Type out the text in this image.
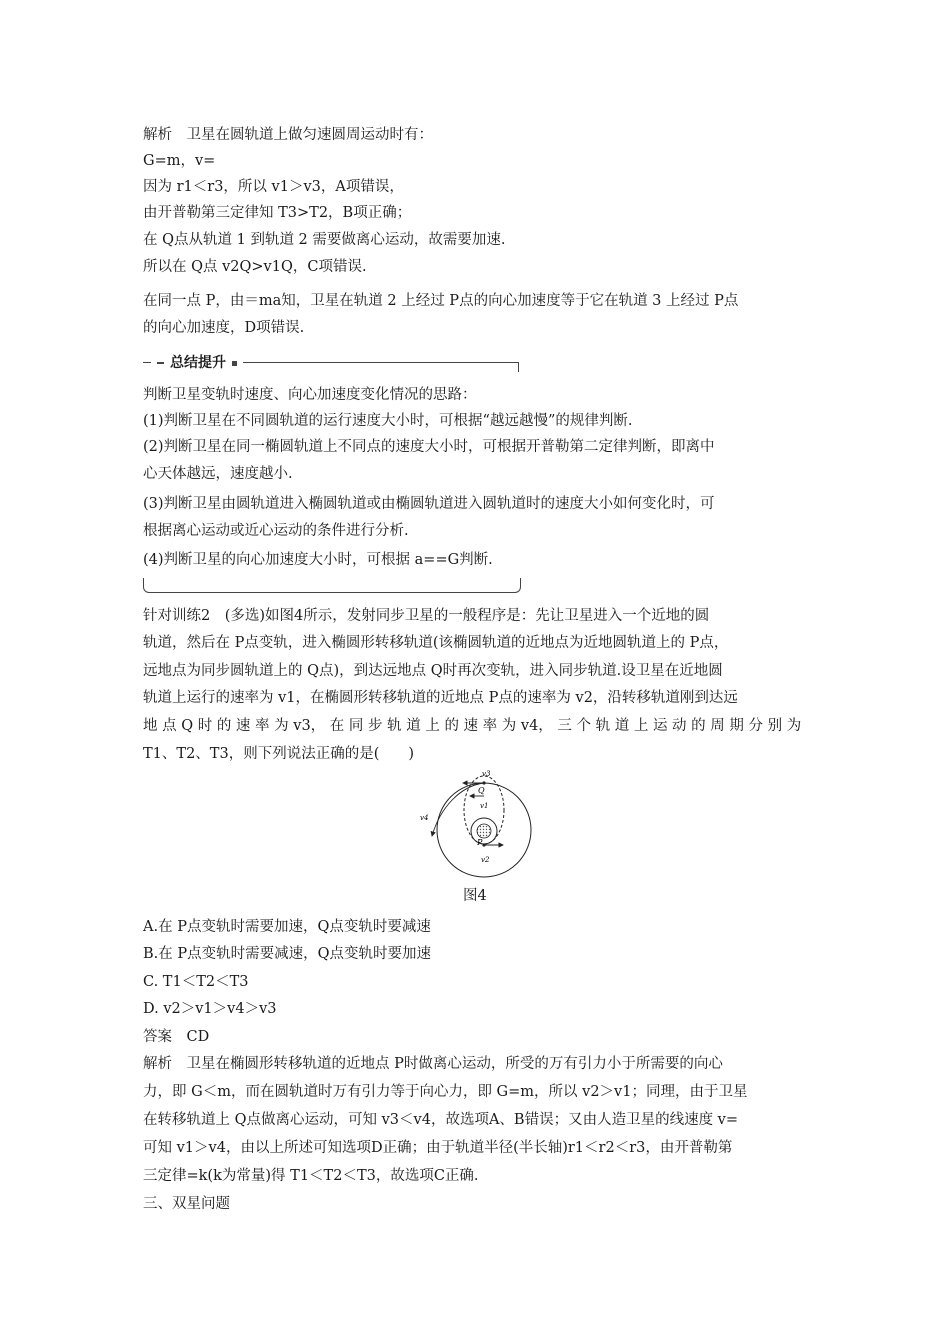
解析　卫星在圆轨道上做匀速圆周运动时有：
G=m，v=
因为 r1＜r3，所以 v1＞v3，A项错误，
由开普勒第三定律知 T3>T2，B项正确；
在 Q点从轨道 1 到轨道 2 需要做离心运动，故需要加速.
所以在 Q点 v2Q>v1Q，C项错误.
在同一点 P，由＝ma知，卫星在轨道 2 上经过 P点的向心加速度等于它在轨道 3 上经过 P点
的向心加速度，D项错误.
总结提升
判断卫星变轨时速度、向心加速度变化情况的思路：
(1)判断卫星在不同圆轨道的运行速度大小时，可根据“越远越慢”的规律判断.
(2)判断卫星在同一椭圆轨道上不同点的速度大小时，可根据开普勒第二定律判断，即离中
心天体越远，速度越小.
(3)判断卫星由圆轨道进入椭圆轨道或由椭圆轨道进入圆轨道时的速度大小如何变化时，可
根据离心运动或近心运动的条件进行分析.
(4)判断卫星的向心加速度大小时，可根据 a==G判断.
针对训练2　(多选)如图4所示，发射同步卫星的一般程序是：先让卫星进入一个近地的圆
轨道，然后在 P点变轨，进入椭圆形转移轨道(该椭圆轨道的近地点为近地圆轨道上的 P点，
远地点为同步圆轨道上的 Q点)，到达远地点 Q时再次变轨，进入同步轨道.设卫星在近地圆
轨道上运行的速率为 v1，在椭圆形转移轨道的近地点 P点的速率为 v2，沿转移轨道刚到达远
地 点 Q 时 的 速 率 为 v3， 在 同 步 轨 道 上 的 速 率 为 v4， 三 个 轨 道 上 运 动 的 周 期 分 别 为
T1、T2、T3，则下列说法正确的是(　　)
v3
Q
v1
v4
P
v2
图4
A.在 P点变轨时需要加速，Q点变轨时要减速
B.在 P点变轨时需要减速，Q点变轨时要加速
C. T1＜T2＜T3
D. v2＞v1＞v4＞v3
答案　CD
解析　卫星在椭圆形转移轨道的近地点 P时做离心运动，所受的万有引力小于所需要的向心
力，即 G＜m，而在圆轨道时万有引力等于向心力，即 G=m，所以 v2＞v1；同理，由于卫星
在转移轨道上 Q点做离心运动，可知 v3＜v4，故选项A、B错误；又由人造卫星的线速度 v=
可知 v1＞v4，由以上所述可知选项D正确；由于轨道半径(半长轴)r1＜r2＜r3，由开普勒第
三定律=k(k为常量)得 T1＜T2＜T3，故选项C正确.
三、双星问题
